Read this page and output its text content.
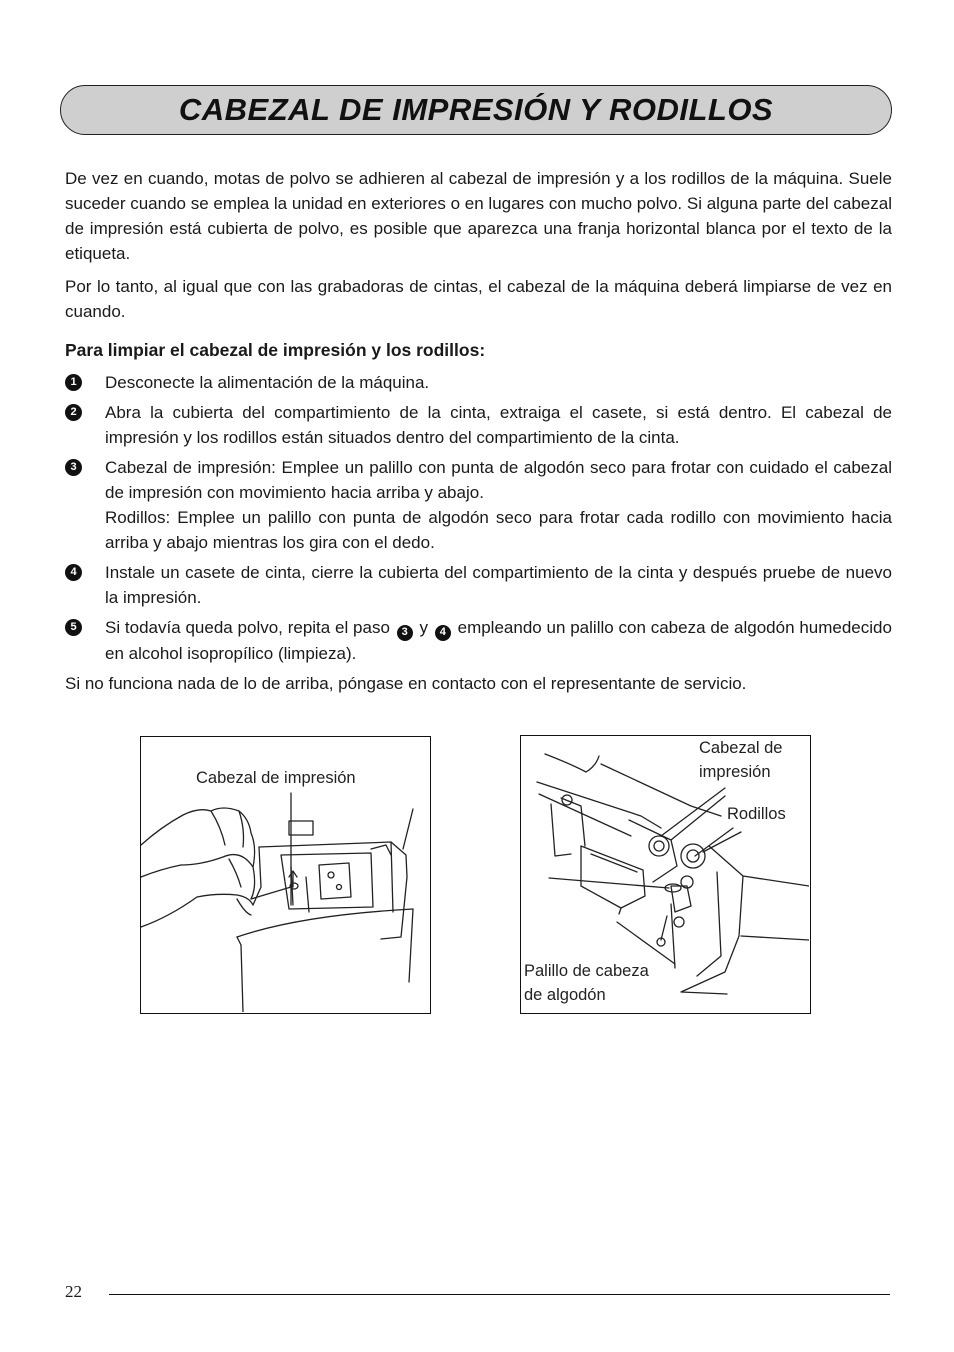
CABEZAL DE IMPRESIÓN Y RODILLOS

De vez en cuando, motas de polvo se adhieren al cabezal de impresión y a los rodillos de la máquina. Suele suceder cuando se emplea la unidad en exteriores o en lugares con mucho polvo. Si alguna parte del cabezal de impresión está cubierta de polvo, es posible que aparezca una franja horizontal blanca por el texto de la etiqueta.

Por lo tanto, al igual que con las grabadoras de cintas, el cabezal de la máquina deberá limpiarse de vez en cuando.

Para limpiar el cabezal de impresión y los rodillos:
1	Desconecte la alimentación de la máquina.
2	Abra la cubierta del compartimiento de la cinta, extraiga el casete, si está dentro. El cabezal de impresión y los rodillos están situados dentro del compartimiento de la cinta.
3	Cabezal de impresión: Emplee un palillo con punta de algodón seco para frotar con cuidado el cabezal de impresión con movimiento hacia arriba y abajo.

Rodillos: Emplee un palillo con punta de algodón seco para frotar cada rodillo con movimiento hacia arriba y abajo mientras los gira con el dedo.

4	Instale un casete de cinta, cierre la cubierta del compartimiento de la cinta y después pruebe de nuevo la impresión.
5	Si todavía queda polvo, repita el paso 3 y 4 empleando un palillo con cabeza de algodón humedecido en alcohol isopropílico (limpieza).

Si no funciona nada de lo de arriba, póngase en contacto con el representante de servicio.

Cabezal de impresión
Cabezal de
impresión
Rodillos
Palillo de cabeza
de algodón
22
